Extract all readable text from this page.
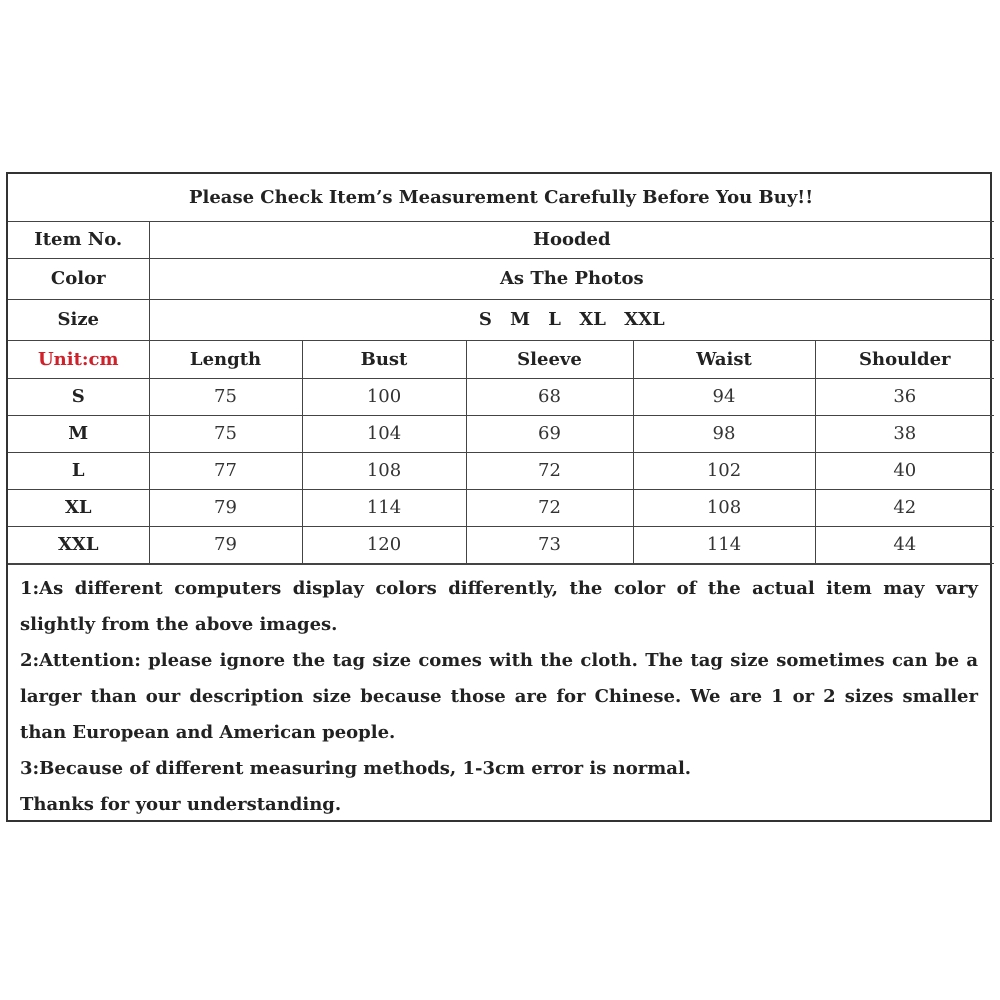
Please Check Item’s Measurement Carefully Before You Buy!!					
Item No.	Hooded				
Color	As The Photos				
Size	S M L XL XXL				
Unit:cm	Length	Bust	Sleeve	Waist	Shoulder
S	75	100	68	94	36
M	75	104	69	98	38
L	77	108	72	102	40
XL	79	114	72	108	42
XXL	79	120	73	114	44

1:As different computers display colors differently, the color of the actual item may vary slightly from the above images.

2:Attention: please ignore the tag size comes with the cloth. The tag size sometimes can be a larger than our description size because those are for Chinese. We are 1 or 2 sizes smaller than European and American people.

3:Because of different measuring methods, 1-3cm error is normal.

Thanks for your understanding.
